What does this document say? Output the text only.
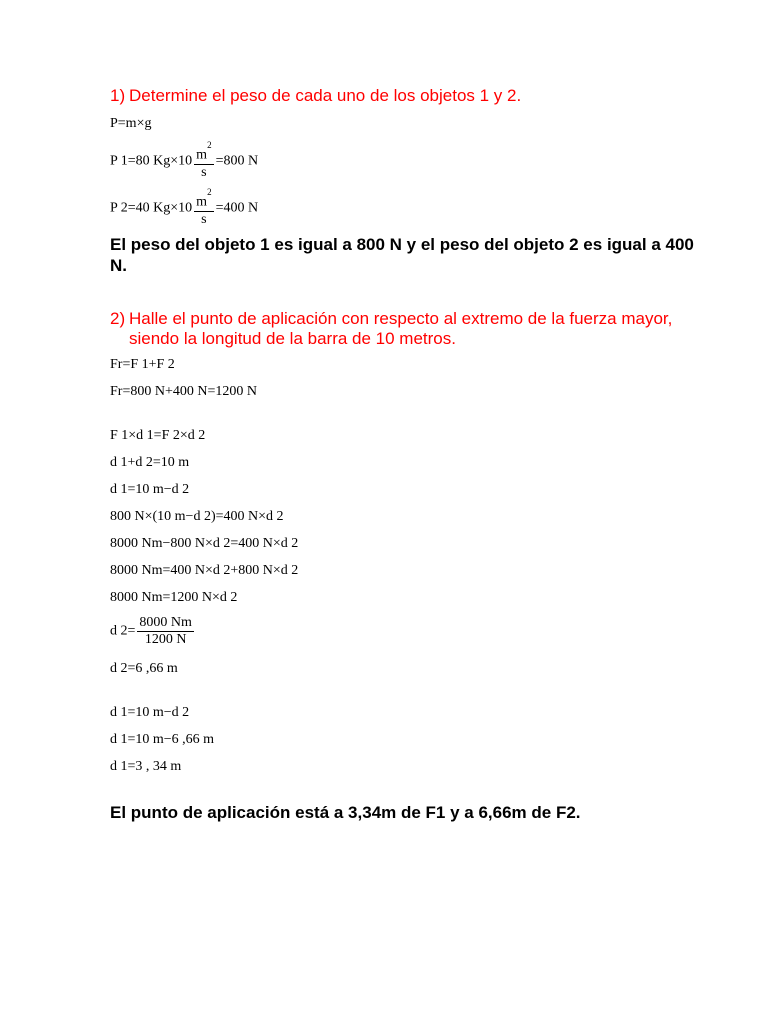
1) Determine el peso de cada uno de los objetos 1 y 2.
P=m×g
P 1=80 $Kg\times 10 \frac{m^2}{s} =800$ N
P 2=40 $Kg\times 10 \frac{m^2}{s} =400$ N
El peso del objeto 1 es igual a 800 N y el peso del objeto 2 es igual a 400 N.
2) Halle el punto de aplicación con respecto al extremo de la fuerza mayor, siendo la longitud de la barra de 10 metros.
Fr=F 1+F 2
Fr=800 N+400 N=1200 N
F 1×d 1=F 2×d 2
d 1+d 2=10 m
d 1=10 m−d 2
800 N×(10 m−d 2)=400 N×d 2
8000 Nm−800 N×d 2=400 N×d 2
8000 Nm=400 N×d 2+800 N×d 2
8000 Nm=1200 N×d 2
d $2= \frac{8000 Nm}{1200 N}$
d 2=6 ,66 m
d 1=10 m−d 2
d 1=10 m−6 ,66 m
d 1=3 , 34 m
El punto de aplicación está a 3,34m de F1 y a 6,66m de F2.
